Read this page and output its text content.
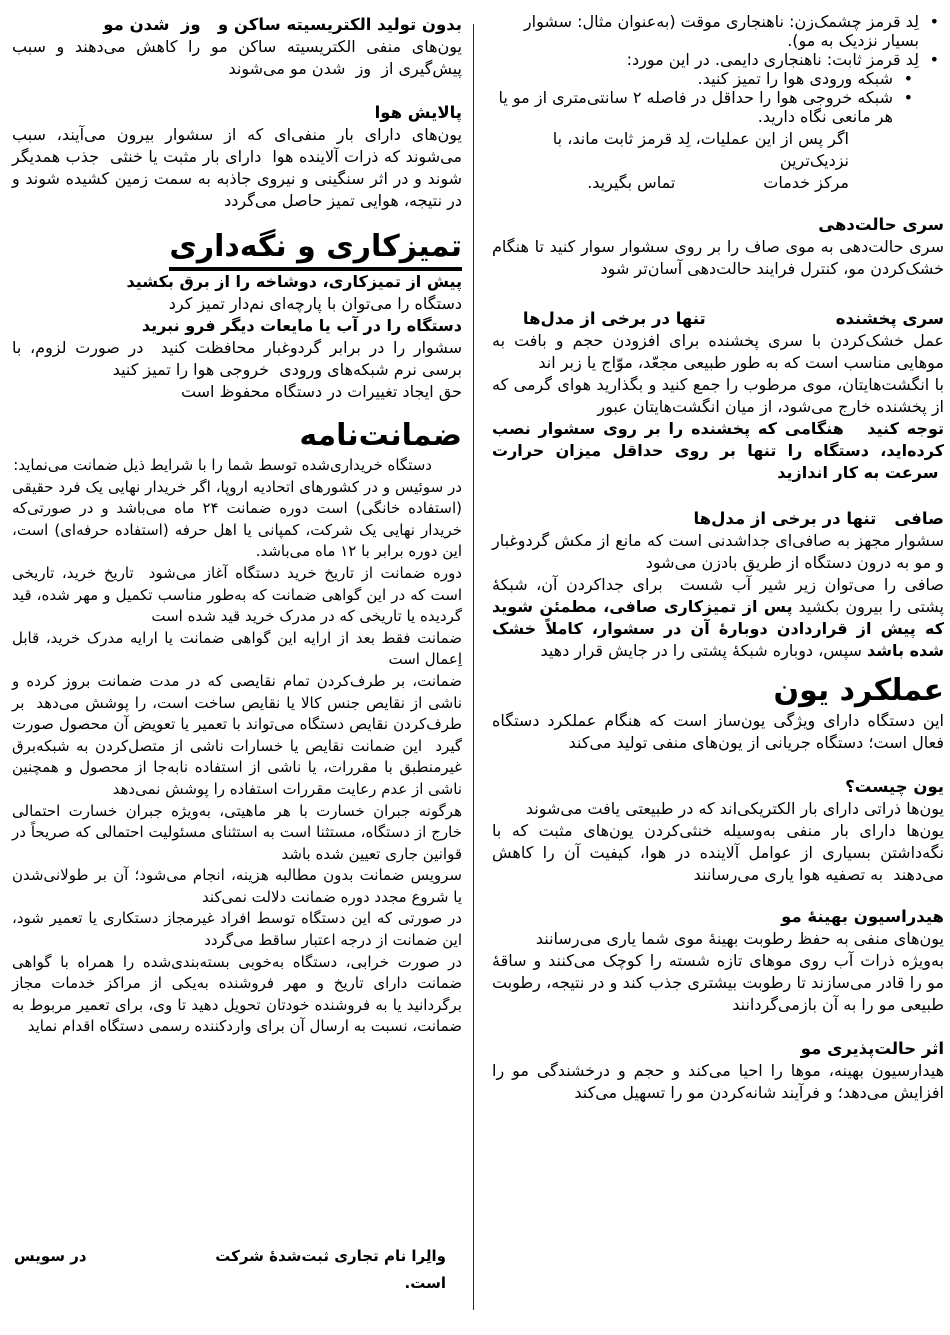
• لِد قرمز چشمک‌زن: ناهنجاری موقت (به‌عنوان مثال: سشوار بسیار نزدیک به مو).
• لِد قرمز ثابت: ناهنجاری دایمی. در این مورد:
• شبکه ورودی هوا را تمیز کنید.
• شبکه خروجی هوا را حداقل در فاصله ۲ سانتی‌متری از مو یا هر مانعی نگاه دارید.
اگر پس از این عملیات، لِد قرمز ثابت ماند، با نزدیک‌ترین
مرکز خدماتتماس بگیرید.
سری حالت‌دهی

سری حالت‌دهی به موی صاف را بر روی سشوار سوار کنید تا هنگام خشک‌کردن مو، کنترل فرایند حالت‌دهی آسان‌تر شود

سری پخشندهتنها در برخی از مدل‌ها

عمل خشک‌کردن با سری پخشنده برای افزودن حجم و بافت به موهایی مناسب است که به طور طبیعی مجعّد، موّاج یا زبر اند

با انگشت‌هایتان، موی مرطوب را جمع کنید و بگذارید هوای گرمی که از پخشنده خارج می‌شود، از میان انگشت‌هایتان عبور

توجه کنید   هنگامی که پخشنده را بر روی سشوار نصب کرده‌اید، دستگاه را تنها بر روی حداقل میزان حرارت  سرعت به کار اندازید

صافیتنها در برخی از مدل‌ها

سشوار مجهز به صافی‌ای جداشدنی است که مانع از مکش گردوغبار و مو به درون دستگاه از طریق بادزن می‌شود

صافی را می‌توان زیر شیر آب شست  برای جداکردن آن، شبکۀ پشتی را بیرون بکشید پس از تمیزکاری صافی، مطمئن شوید که پیش از قراردادن دوبارۀ آن در سشوار، کاملاً خشک شده باشد سپس، دوباره شبکۀ پشتی را در جایش قرار دهید

عملکرد یون

این دستگاه دارای ویژگی یون‌ساز است که هنگام عملکرد دستگاه فعال است؛ دستگاه جریانی از یون‌های منفی تولید می‌کند

یون چیست؟

یون‌ها ذراتی دارای بار الکتریکی‌اند که در طبیعتی یافت می‌شوند

یون‌ها دارای بار منفی به‌وسیله خنثی‌کردن یون‌های مثبت که با نگه‌داشتن بسیاری از عوامل آلاینده در هوا، کیفیت آن را کاهش می‌دهند  به تصفیه هوا یاری می‌رسانند

هیدراسیون بهینۀ مو

یون‌های منفی به حفظ رطوبت بهینۀ موی شما یاری می‌رسانند

به‌ویژه ذرات آب روی موهای تازه شسته را کوچک می‌کنند و ساقۀ مو را قادر می‌سازند تا رطوبت بیشتری جذب کند و در نتیجه، رطوبت طبیعی مو را به آن بازمی‌گردانند

اثر حالت‌پذیری مو

هیدارسیون بهینه، موها را احیا می‌کند و حجم و درخشندگی مو را افزایش می‌دهد؛ و فرآیند شانه‌کردن مو را تسهیل می‌کند

بدون تولید الکتریسیته ساکن و   وز  شدن مو

یون‌های منفی الکتریسیته ساکن مو را کاهش می‌دهند و سبب پیش‌گیری از  وز  شدن مو می‌شوند

پالایش هوا

یون‌های دارای بار منفی‌ای که از سشوار بیرون می‌آیند، سبب می‌شوند که ذرات آلاینده هوا  دارای بار مثبت یا خنثی  جذب همدیگر شوند و در اثر سنگینی و نیروی جاذبه به سمت زمین کشیده شوند و در نتیجه، هوایی تمیز حاصل می‌گردد

تمیزکاری و نگه‌داری

پیش از تمیزکاری، دوشاخه را از برق بکشید

دستگاه را می‌توان با پارچه‌ای نم‌دار تمیز کرد

دستگاه را در آب یا مایعات دیگر فرو نبرید

سشوار را در برابر گردوغبار محافظت کنید  در صورت لزوم، با برسی نرم شبکه‌های ورودی  خروجی هوا را تمیز کنید

حق ایجاد تغییرات در دستگاه محفوظ است

ضمانت‌نامه

دستگاه خریداری‌شده توسط شما را با شرایط ذیل ضمانت می‌نماید:

در سوئیس و در کشورهای اتحادیه اروپا، اگر خریدار نهایی یک فرد حقیقی (استفاده خانگی) است دوره ضمانت ۲۴ ماه می‌باشد و در صورتی‌که خریدار نهایی یک شرکت، کمپانی یا اهل حرفه (استفاده حرفه‌ای) است، این دوره برابر با ۱۲ ماه می‌باشد.

دوره ضمانت از تاریخ خرید دستگاه آغاز می‌شود  تاریخ خرید، تاریخی است که در این گواهی ضمانت که به‌طور مناسب تکمیل و مهر شده، قید گردیده یا تاریخی که در مدرک خرید قید شده است

ضمانت فقط بعد از ارایه این گواهی ضمانت یا ارایه مدرک خرید، قابل اِعمال است

ضمانت، بر طرف‌کردن تمام نقایصی که در مدت ضمانت بروز کرده و ناشی از نقایص جنس کالا یا نقایص ساخت است، را پوشش می‌دهد  بر طرف‌کردن نقایص دستگاه می‌تواند با تعمیر یا تعویض آن محصول صورت گیرد  این ضمانت نقایص یا خسارات ناشی از متصل‌کردن به شبکه‌برق غیرمنطبق با مقررات، یا ناشی از استفاده نابه‌جا از محصول و همچنین ناشی از عدم رعایت مقررات استفاده را پوشش نمی‌دهد

هرگونه جبران خسارت با هر ماهیتی، به‌ویژه جبران خسارت احتمالی خارج از دستگاه، مستثنا است به استثنای مسئولیت احتمالی که صریحاً در قوانین جاری تعیین شده باشد

سرویس ضمانت بدون مطالبه هزینه، انجام می‌شود؛ آن بر طولانی‌شدن یا شروع مجدد دوره ضمانت دلالت نمی‌کند

در صورتی که این دستگاه توسط افراد غیرمجاز دستکاری یا تعمیر شود، این ضمانت از درجه اعتبار ساقط می‌گردد

در صورت خرابی، دستگاه به‌خوبی بسته‌بندی‌شده را همراه با گواهی ضمانت دارای تاریخ و مهر فروشنده به‌یکی از مراکز خدمات مجاز برگردانید یا به فروشنده خودتان تحویل دهید تا وی، برای تعمیر مربوط به ضمانت، نسبت به ارسال آن برای واردکننده رسمی دستگاه اقدام نماید

والِرا نام تجاری ثبت‌شدۀ شرکت
در سویس
است.
